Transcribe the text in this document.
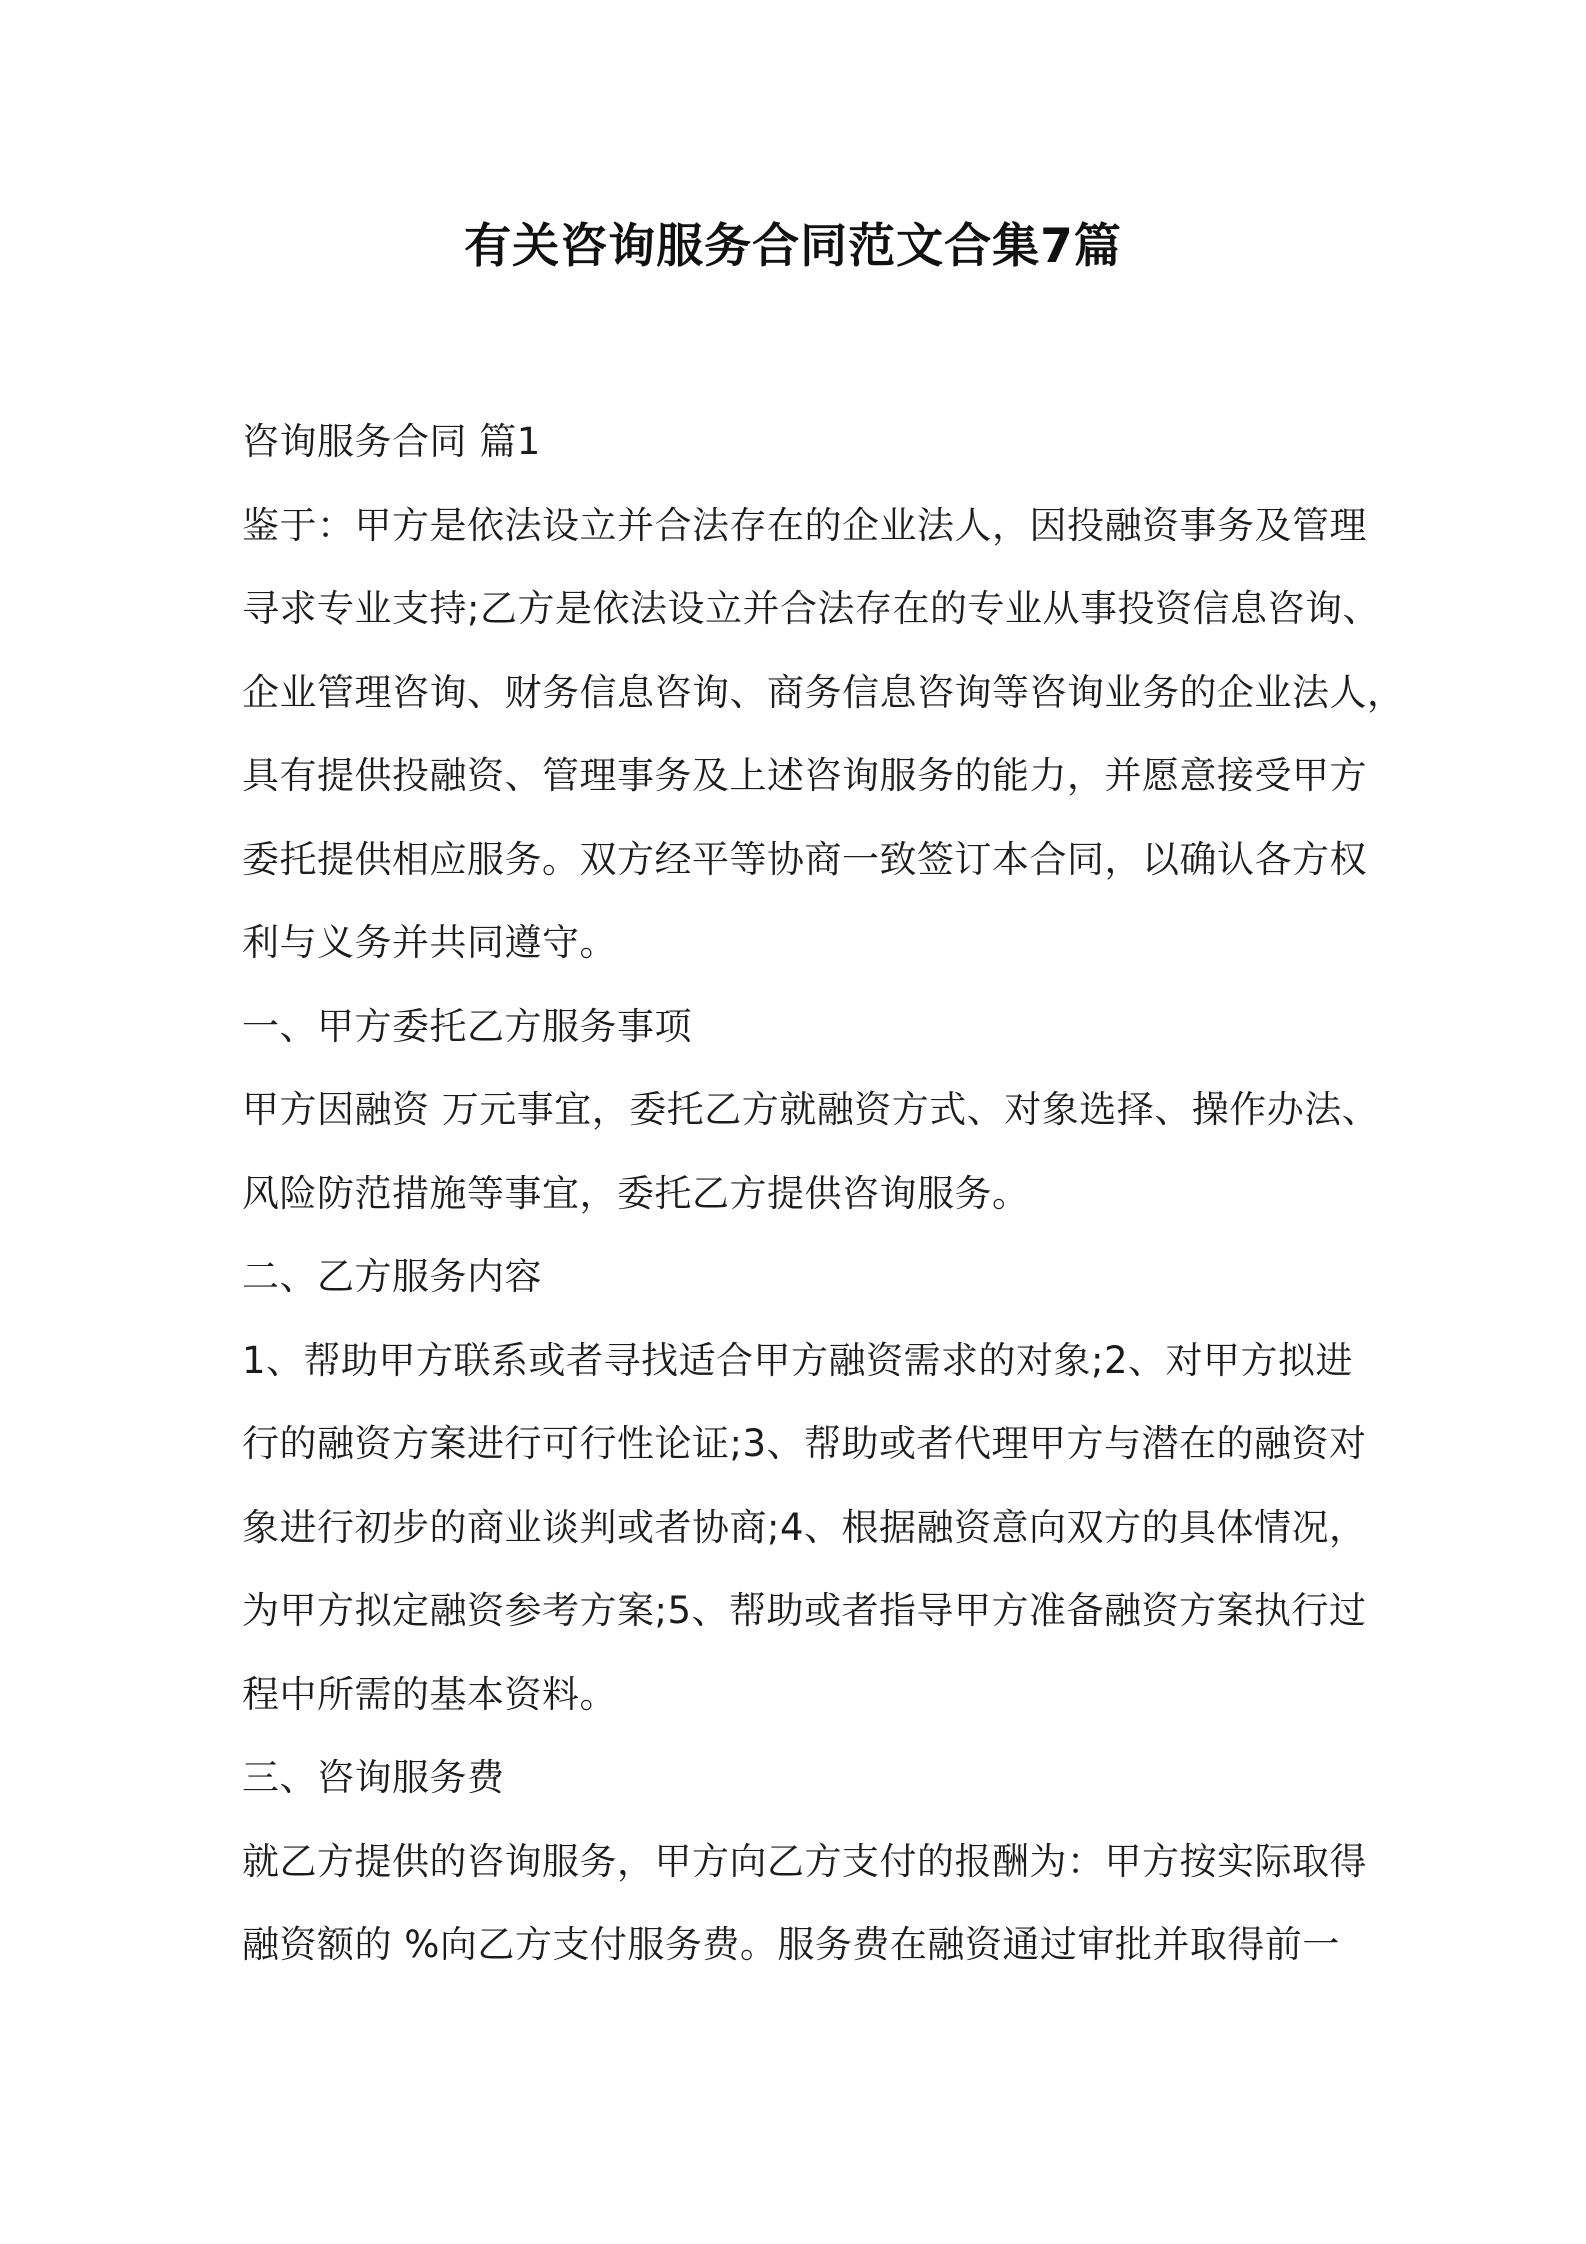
有关咨询服务合同范文合集7篇
咨询服务合同 篇1
鉴于：甲方是依法设立并合法存在的企业法人，因投融资事务及管理
寻求专业支持;乙方是依法设立并合法存在的专业从事投资信息咨询、
企业管理咨询、财务信息咨询、商务信息咨询等咨询业务的企业法人，
具有提供投融资、管理事务及上述咨询服务的能力，并愿意接受甲方
委托提供相应服务。双方经平等协商一致签订本合同，以确认各方权
利与义务并共同遵守。
一、甲方委托乙方服务事项
甲方因融资 万元事宜，委托乙方就融资方式、对象选择、操作办法、
风险防范措施等事宜，委托乙方提供咨询服务。
二、乙方服务内容
1、帮助甲方联系或者寻找适合甲方融资需求的对象;2、对甲方拟进
行的融资方案进行可行性论证;3、帮助或者代理甲方与潜在的融资对
象进行初步的商业谈判或者协商;4、根据融资意向双方的具体情况，
为甲方拟定融资参考方案;5、帮助或者指导甲方准备融资方案执行过
程中所需的基本资料。
三、咨询服务费
就乙方提供的咨询服务，甲方向乙方支付的报酬为：甲方按实际取得
融资额的 %向乙方支付服务费。服务费在融资通过审批并取得前一
